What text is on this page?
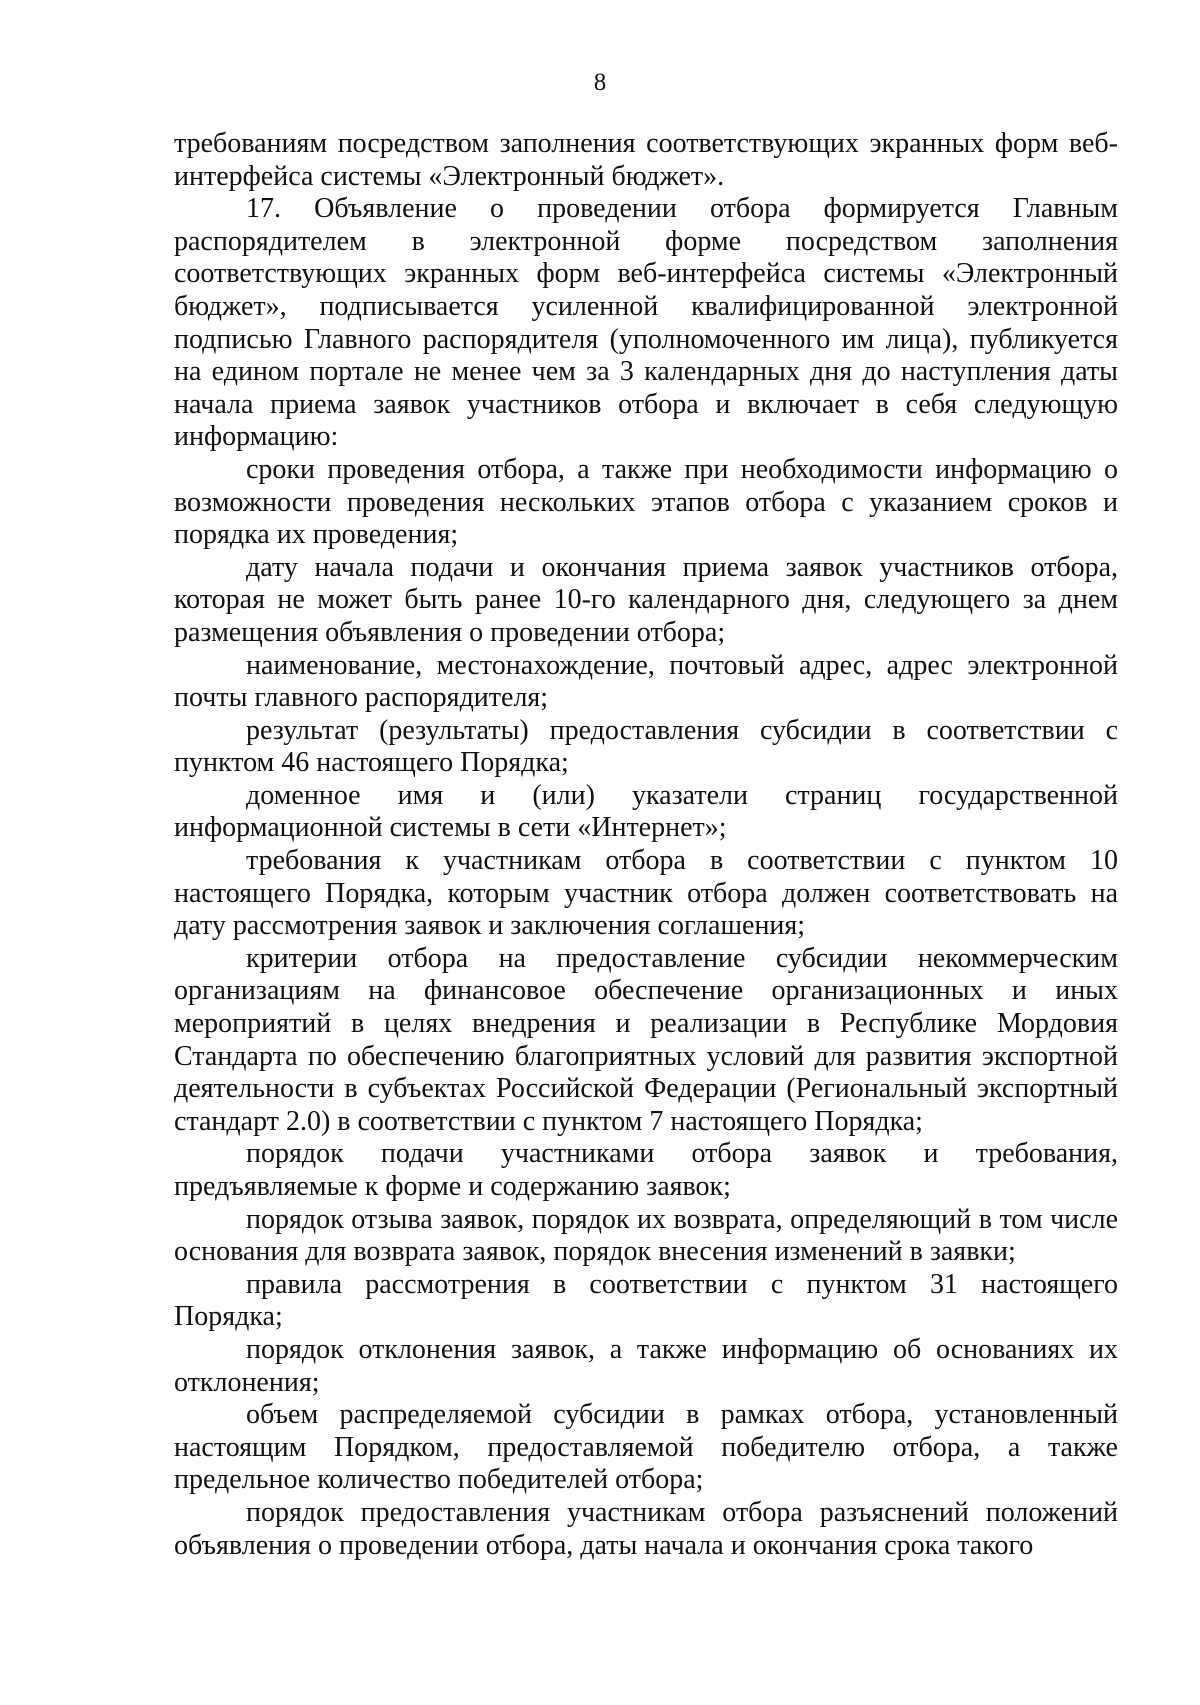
8

требованиям посредством заполнения соответствующих экранных форм веб-интерфейса системы «Электронный бюджет».

17. Объявление о проведении отбора формируется Главным распорядителем в электронной форме посредством заполнения соответствующих экранных форм веб-интерфейса системы «Электронный бюджет», подписывается усиленной квалифицированной электронной подписью Главного распорядителя (уполномоченного им лица), публикуется на едином портале не менее чем за 3 календарных дня до наступления даты начала приема заявок участников отбора и включает в себя следующую информацию:

сроки проведения отбора, а также при необходимости информацию о возможности проведения нескольких этапов отбора с указанием сроков и порядка их проведения;

дату начала подачи и окончания приема заявок участников отбора, которая не может быть ранее 10-го календарного дня, следующего за днем размещения объявления о проведении отбора;

наименование, местонахождение, почтовый адрес, адрес электронной почты главного распорядителя;

результат (результаты) предоставления субсидии в соответствии с пунктом 46 настоящего Порядка;

доменное имя и (или) указатели страниц государственной информационной системы в сети «Интернет»;

требования к участникам отбора в соответствии с пунктом 10 настоящего Порядка, которым участник отбора должен соответствовать на дату рассмотрения заявок и заключения соглашения;

критерии отбора на предоставление субсидии некоммерческим организациям на финансовое обеспечение организационных и иных мероприятий в целях внедрения и реализации в Республике Мордовия Стандарта по обеспечению благоприятных условий для развития экспортной деятельности в субъектах Российской Федерации (Региональный экспортный стандарт 2.0) в соответствии с пунктом 7 настоящего Порядка;

порядок подачи участниками отбора заявок и требования, предъявляемые к форме и содержанию заявок;

порядок отзыва заявок, порядок их возврата, определяющий в том числе основания для возврата заявок, порядок внесения изменений в заявки;

правила рассмотрения в соответствии с пунктом 31 настоящего Порядка;

порядок отклонения заявок, а также информацию об основаниях их отклонения;

объем распределяемой субсидии в рамках отбора, установленный настоящим Порядком, предоставляемой победителю отбора, а также предельное количество победителей отбора;

порядок предоставления участникам отбора разъяснений положений объявления о проведении отбора, даты начала и окончания срока такого
